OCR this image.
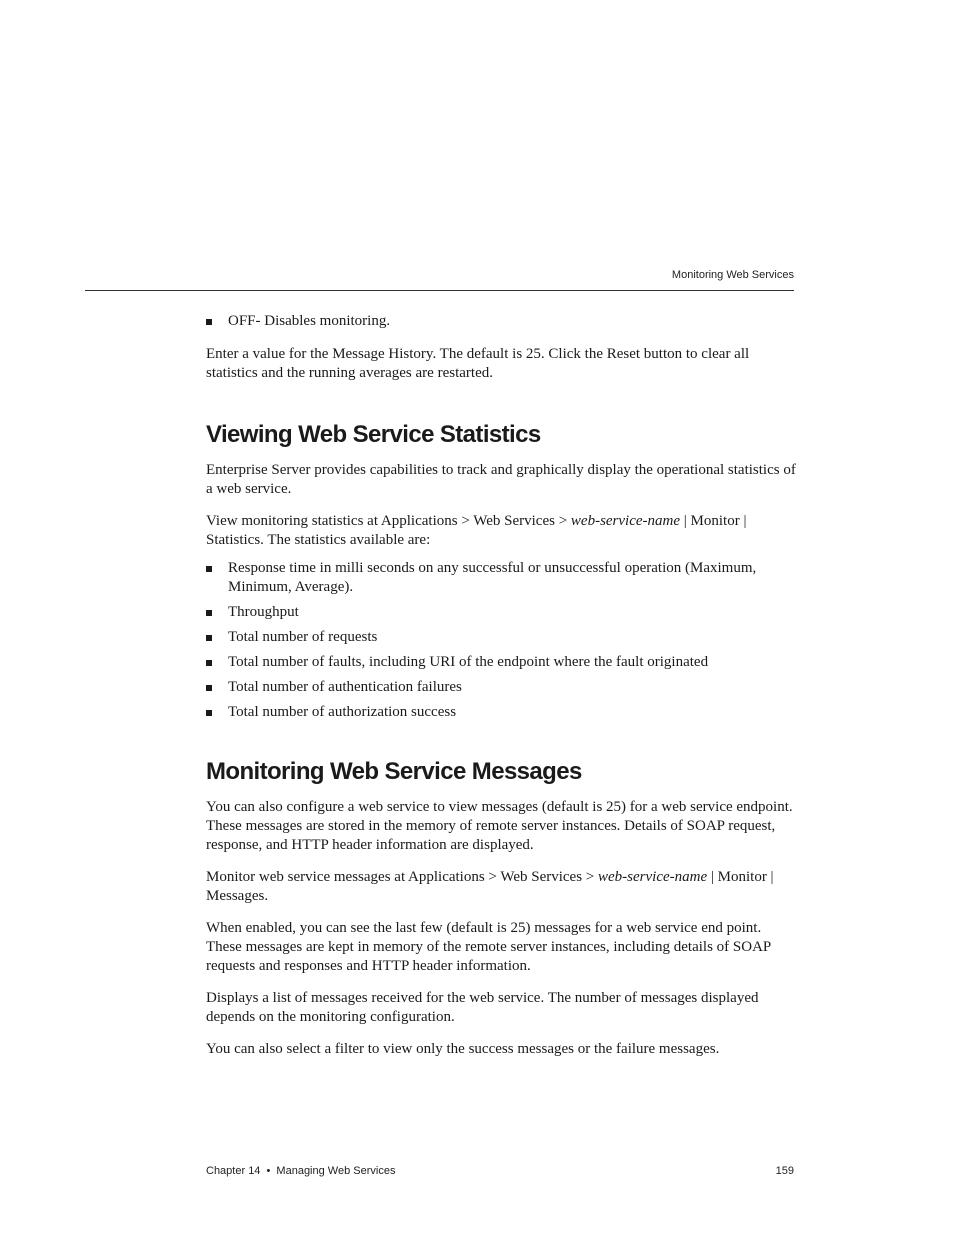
Monitoring Web Services
OFF- Disables monitoring.

Enter a value for the Message History. The default is 25. Click the Reset button to clear all statistics and the running averages are restarted.

Viewing Web Service Statistics

Enterprise Server provides capabilities to track and graphically display the operational statistics of a web service.

View monitoring statistics at Applications > Web Services > web-service-name | Monitor | Statistics. The statistics available are:

Response time in milli seconds on any successful or unsuccessful operation (Maximum, Minimum, Average).
Throughput
Total number of requests
Total number of faults, including URI of the endpoint where the fault originated
Total number of authentication failures
Total number of authorization success
Monitoring Web Service Messages

You can also configure a web service to view messages (default is 25) for a web service endpoint. These messages are stored in the memory of remote server instances. Details of SOAP request, response, and HTTP header information are displayed.

Monitor web service messages at Applications > Web Services > web-service-name | Monitor | Messages.

When enabled, you can see the last few (default is 25) messages for a web service end point. These messages are kept in memory of the remote server instances, including details of SOAP requests and responses and HTTP header information.

Displays a list of messages received for the web service. The number of messages displayed depends on the monitoring configuration.

You can also select a filter to view only the success messages or the failure messages.

Chapter 14 • Managing Web Services	159
